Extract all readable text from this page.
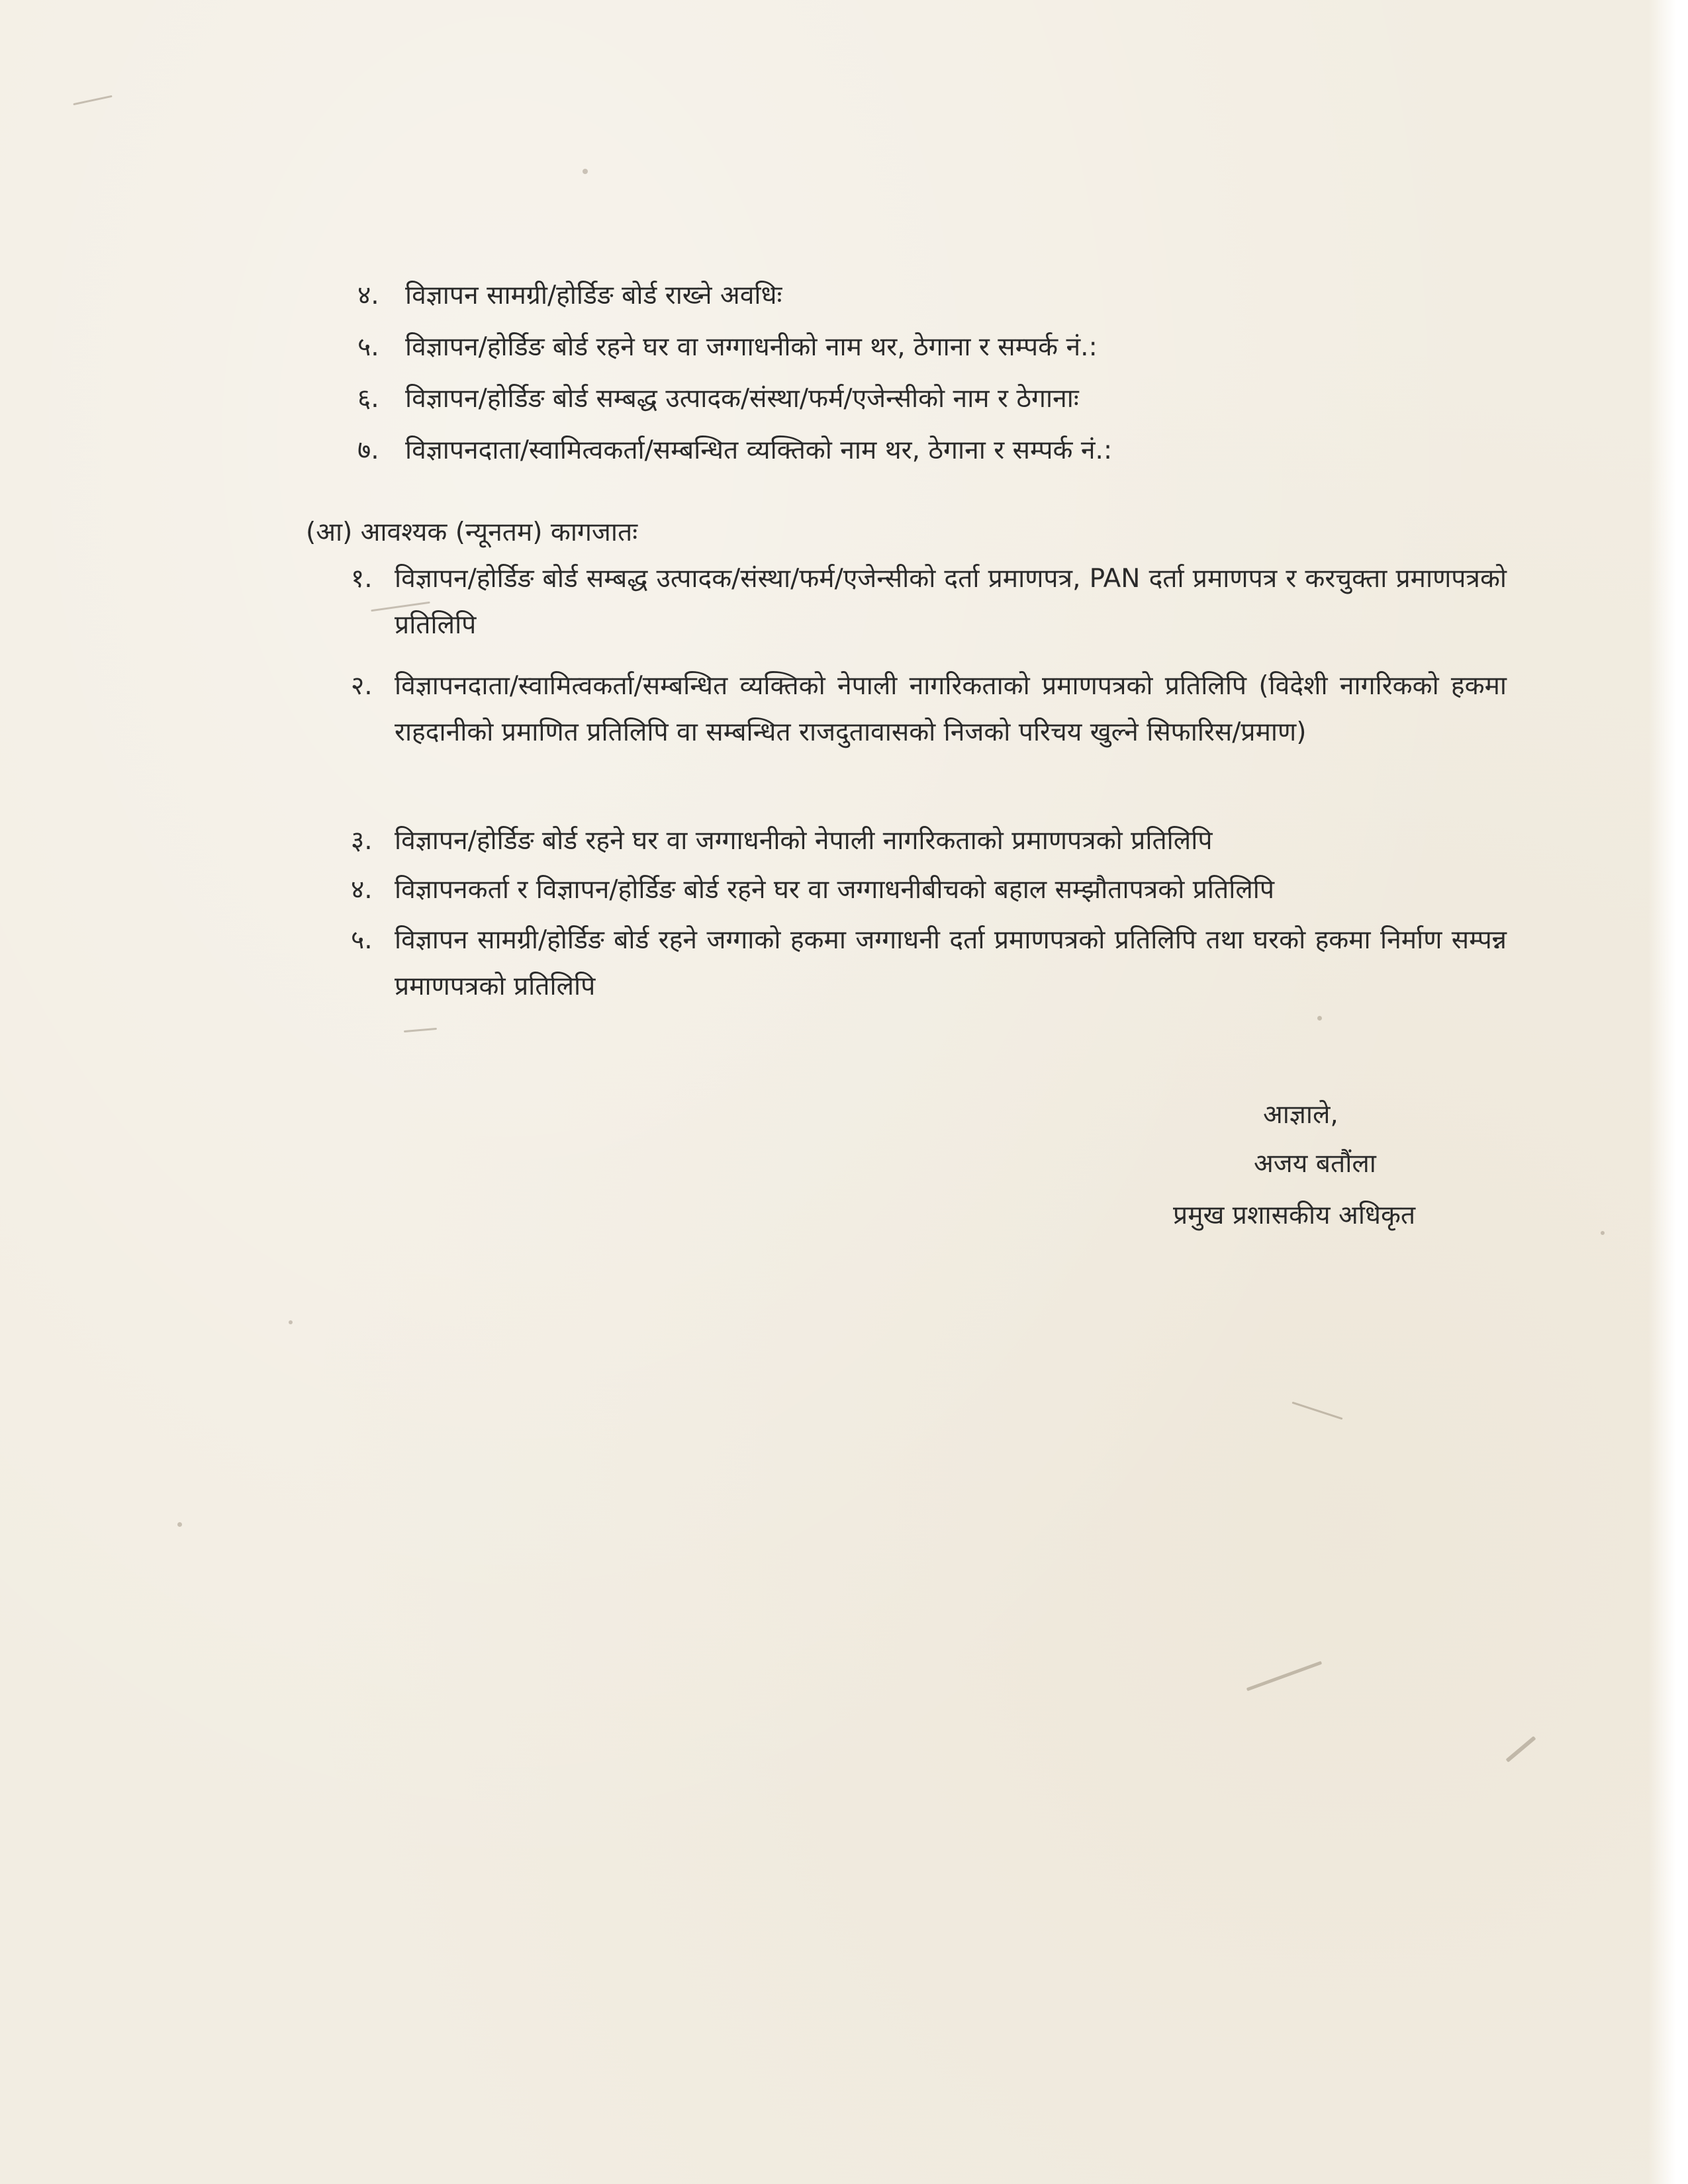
४.	विज्ञापन सामग्री/होर्डिङ बोर्ड राख्ने अवधिः
५.	विज्ञापन/होर्डिङ बोर्ड रहने घर वा जग्गाधनीको नाम थर, ठेगाना र सम्पर्क नं.:
६.	विज्ञापन/होर्डिङ बोर्ड सम्बद्ध उत्पादक/संस्था/फर्म/एजेन्सीको नाम र ठेगानाः
७.	विज्ञापनदाता/स्वामित्वकर्ता/सम्बन्धित व्यक्तिको नाम थर, ठेगाना र सम्पर्क नं.:
(आ) आवश्यक (न्यूनतम) कागजातः
१. विज्ञापन/होर्डिङ बोर्ड सम्बद्ध उत्पादक/संस्था/फर्म/एजेन्सीको दर्ता प्रमाणपत्र, PAN दर्ता प्रमाणपत्र र करचुक्ता प्रमाणपत्रको प्रतिलिपि
२. विज्ञापनदाता/स्वामित्वकर्ता/सम्बन्धित व्यक्तिको नेपाली नागरिकताको प्रमाणपत्रको प्रतिलिपि (विदेशी नागरिकको हकमा राहदानीको प्रमाणित प्रतिलिपि वा सम्बन्धित राजदुतावासको निजको परिचय खुल्ने सिफारिस/प्रमाण)
३. विज्ञापन/होर्डिङ बोर्ड रहने घर वा जग्गाधनीको नेपाली नागरिकताको प्रमाणपत्रको प्रतिलिपि
४. विज्ञापनकर्ता र विज्ञापन/होर्डिङ बोर्ड रहने घर वा जग्गाधनीबीचको बहाल सम्झौतापत्रको प्रतिलिपि
५. विज्ञापन सामग्री/होर्डिङ बोर्ड रहने जग्गाको हकमा जग्गाधनी दर्ता प्रमाणपत्रको प्रतिलिपि तथा घरको हकमा निर्माण सम्पन्न प्रमाणपत्रको प्रतिलिपि
आज्ञाले,
अजय बतौंला
प्रमुख प्रशासकीय अधिकृत
